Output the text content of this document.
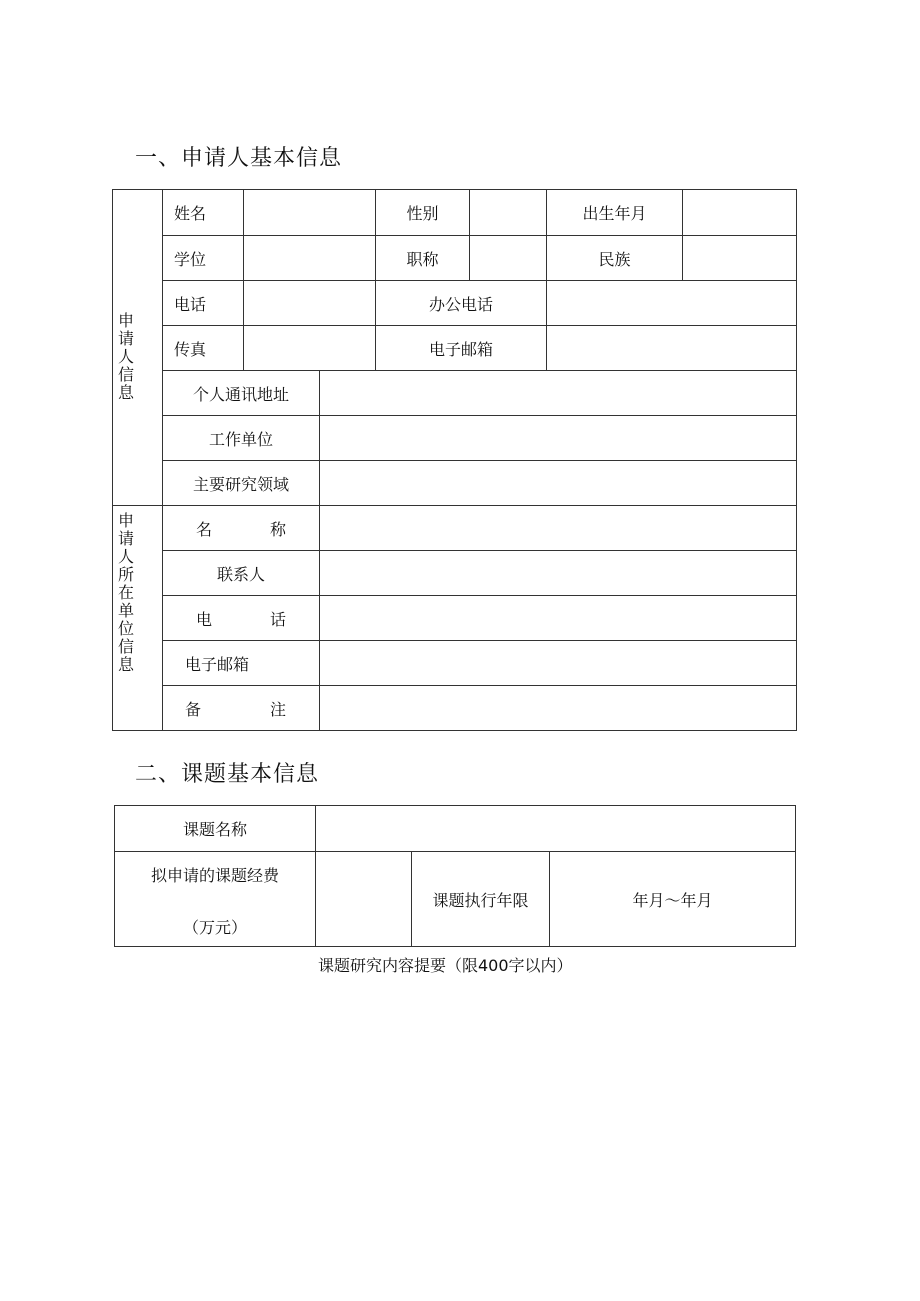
一、申请人基本信息
申
请
人
信
息
申
请
人
所
在
单
位
信
息
姓名	性别	出生年月
学位	职称	民族
电话	办公电话
传真	电子邮箱
个人通讯地址
工作单位
主要研究领域
名	称
联系人
电	话
电子邮箱
备	注
二、课题基本信息
课题名称
拟申请的课题经费
（万元）
课题执行年限	年月〜年月
课题研究内容提要（限400字以内）
